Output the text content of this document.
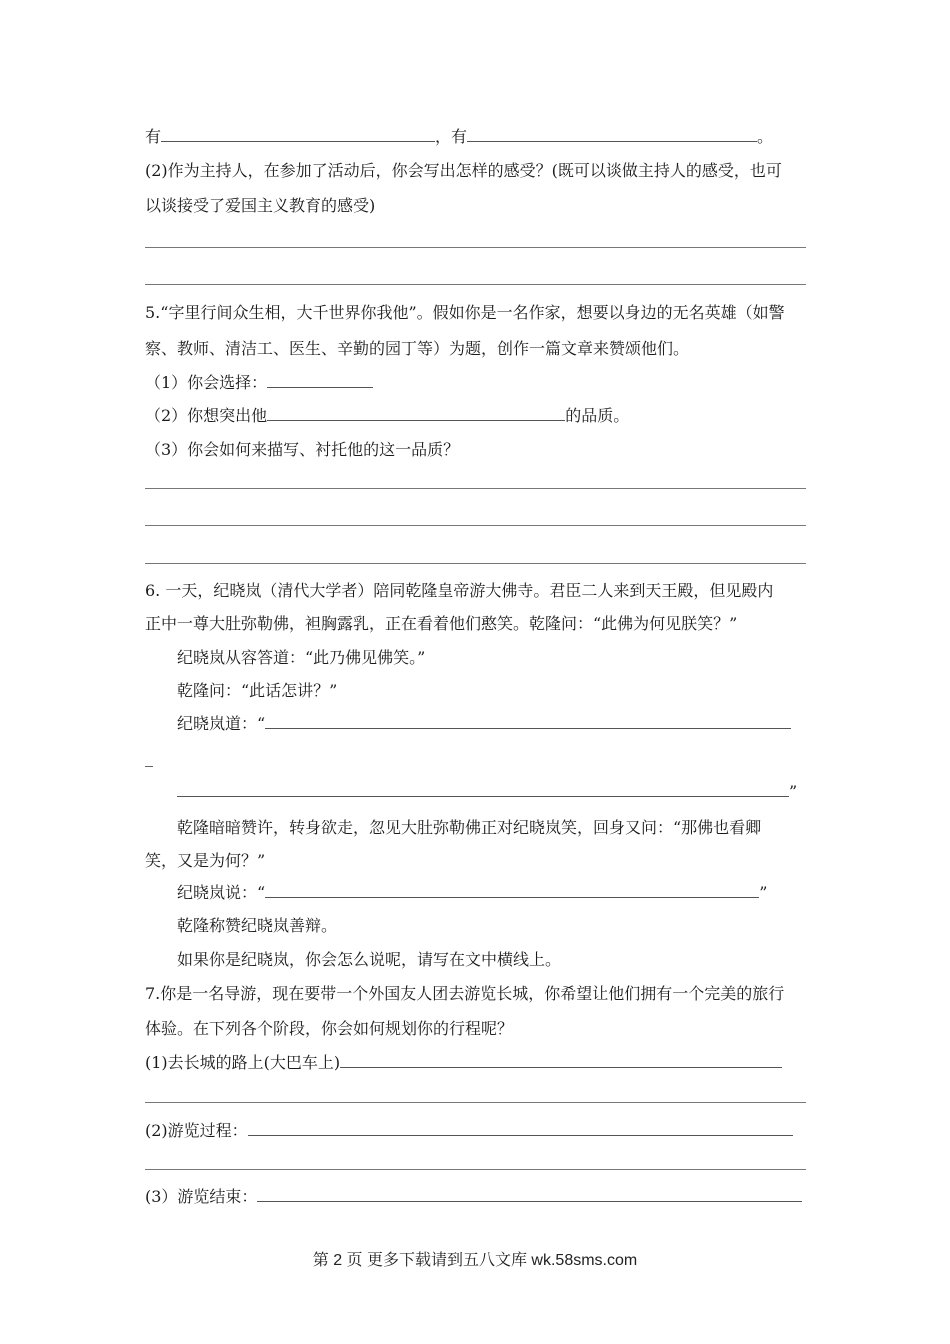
有	，有	。
(2)作为主持人，在参加了活动后，你会写出怎样的感受？(既可以谈做主持人的感受，也可
以谈接受了爱国主义教育的感受)
5.“字里行间众生相，大千世界你我他”。假如你是一名作家，想要以身边的无名英雄（如警
察、教师、清洁工、医生、辛勤的园丁等）为题，创作一篇文章来赞颂他们。
（1）你会选择：
（2）你想突出他	的品质。
（3）你会如何来描写、衬托他的这一品质？
6. 一天，纪晓岚（清代大学者）陪同乾隆皇帝游大佛寺。君臣二人来到天王殿，但见殿内
正中一尊大肚弥勒佛，袒胸露乳，正在看着他们憨笑。乾隆问：“此佛为何见朕笑？”
纪晓岚从容答道：“此乃佛见佛笑。”
乾隆问：“此话怎讲？”
纪晓岚道：“
”
乾隆暗暗赞许，转身欲走，忽见大肚弥勒佛正对纪晓岚笑，回身又问：“那佛也看卿
笑，又是为何？”
纪晓岚说：“	”
乾隆称赞纪晓岚善辩。
如果你是纪晓岚，你会怎么说呢，请写在文中横线上。
7.你是一名导游，现在要带一个外国友人团去游览长城，你希望让他们拥有一个完美的旅行
体验。在下列各个阶段，你会如何规划你的行程呢？
(1)去长城的路上(大巴车上)
(2)游览过程：
(3）游览结束：
第 2 页 更多下载请到五八文库 wk.58sms.com
